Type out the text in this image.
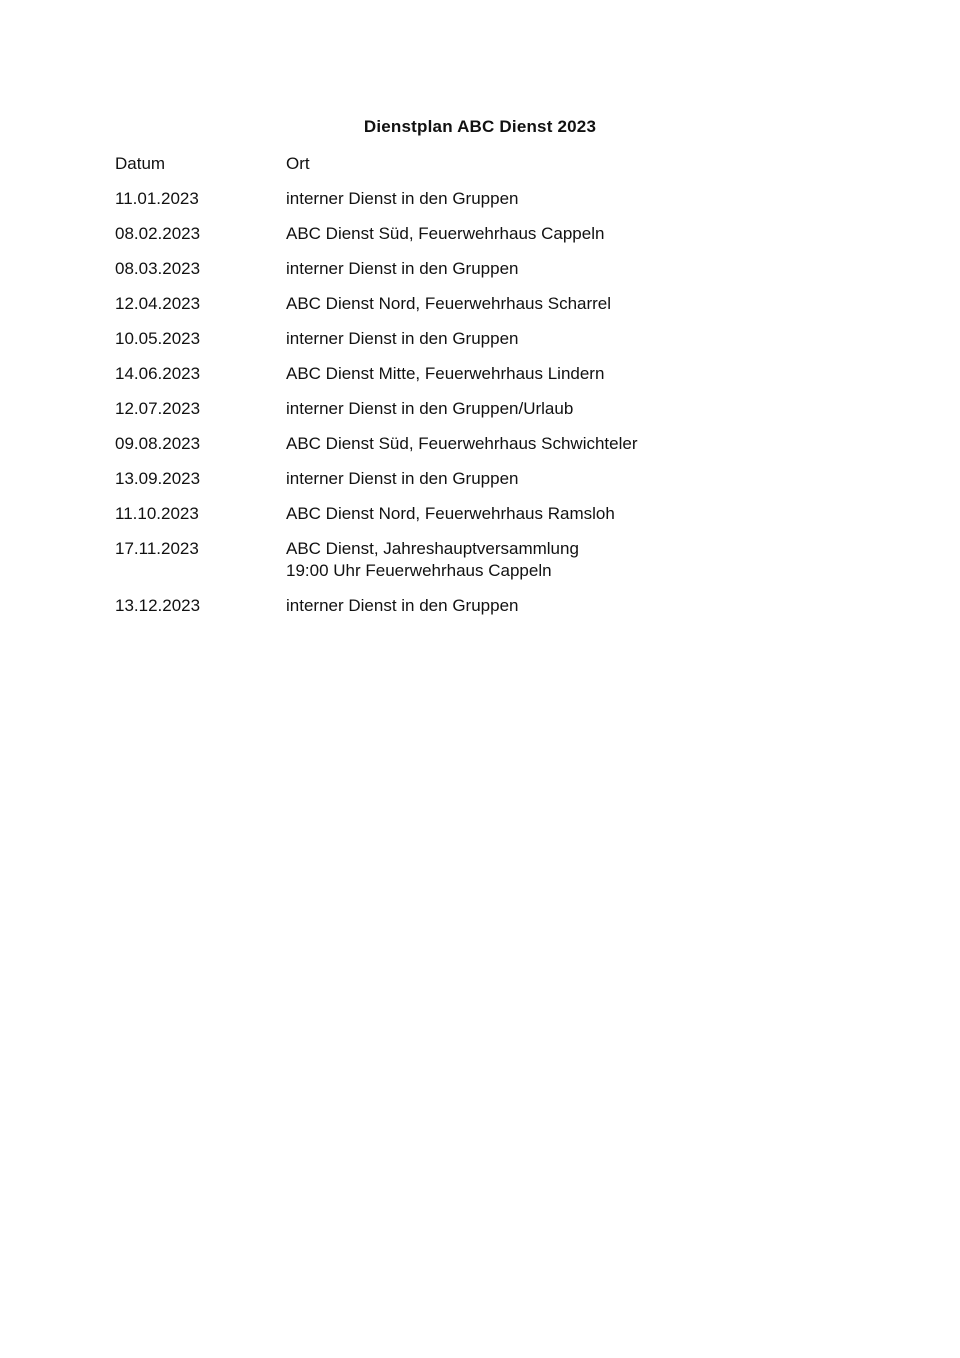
Dienstplan ABC Dienst 2023
Datum	Ort
11.01.2023	interner Dienst in den Gruppen

08.02.2023	ABC Dienst Süd, Feuerwehrhaus Cappeln

08.03.2023	interner Dienst in den Gruppen

12.04.2023	ABC Dienst Nord, Feuerwehrhaus Scharrel

10.05.2023	interner Dienst in den Gruppen

14.06.2023	ABC Dienst Mitte, Feuerwehrhaus Lindern

12.07.2023	interner Dienst in den Gruppen/Urlaub

09.08.2023	ABC Dienst Süd, Feuerwehrhaus Schwichteler

13.09.2023	interner Dienst in den Gruppen

11.10.2023	ABC Dienst Nord, Feuerwehrhaus Ramsloh

17.11.2023	ABC Dienst, Jahreshauptversammlung
19:00 Uhr Feuerwehrhaus Cappeln

13.12.2023	interner Dienst in den Gruppen
